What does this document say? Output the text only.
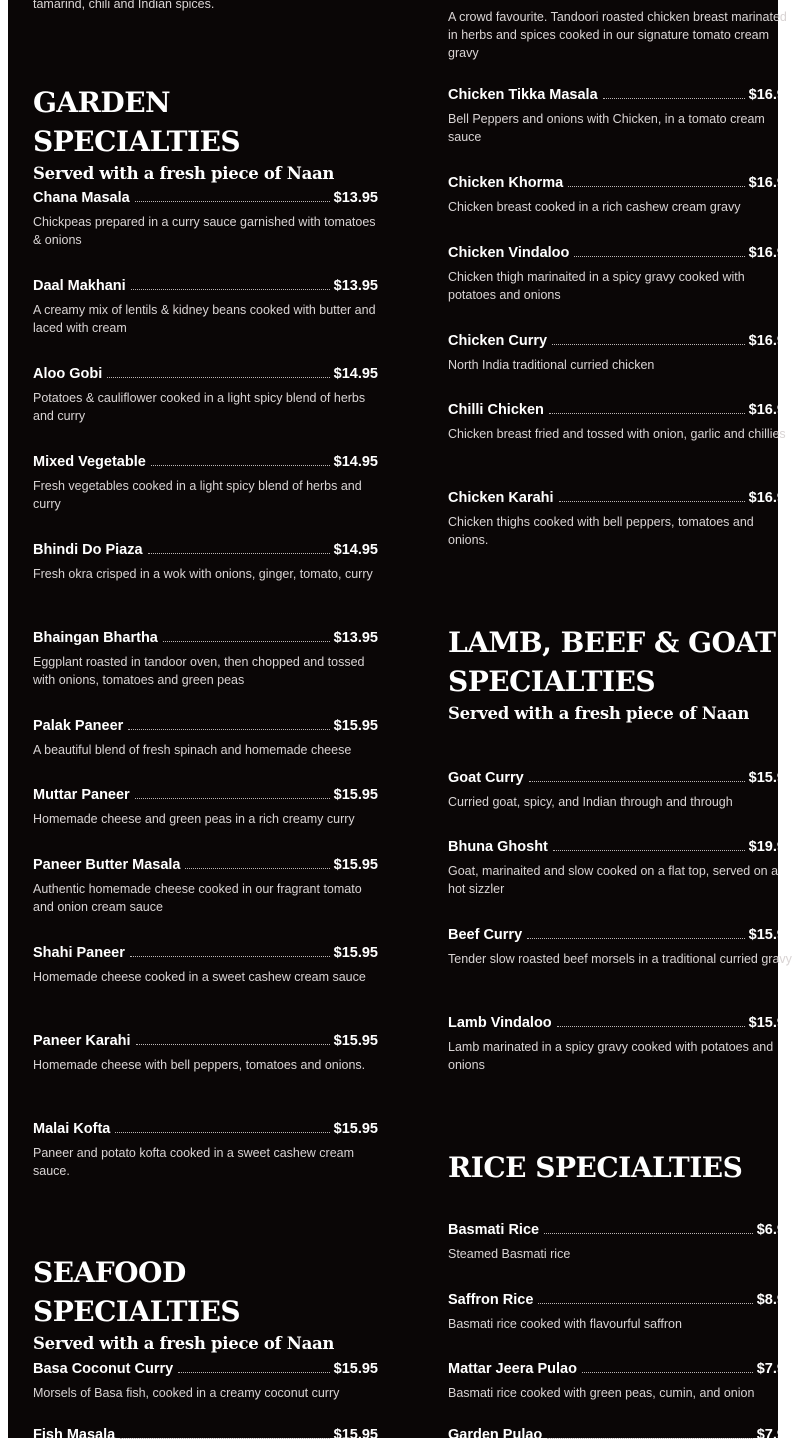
tamarind, chili and Indian spices.
GARDEN SPECIALTIES
Served with a fresh piece of Naan
Chana Masala	$13.95
Chickpeas prepared in a curry sauce garnished with tomatoes & onions
Daal Makhani	$13.95
A creamy mix of lentils & kidney beans cooked with butter and laced with cream
Aloo Gobi	$14.95
Potatoes & cauliflower cooked in a light spicy blend of herbs and curry
Mixed Vegetable	$14.95
Fresh vegetables cooked in a light spicy blend of herbs and curry
Bhindi Do Piaza	$14.95
Fresh okra crisped in a wok with onions, ginger, tomato, curry
Bhaingan Bhartha	$13.95
Eggplant roasted in tandoor oven, then chopped and tossed with onions, tomatoes and green peas
Palak Paneer	$15.95
A beautiful blend of fresh spinach and homemade cheese
Muttar Paneer	$15.95
Homemade cheese and green peas in a rich creamy curry
Paneer Butter Masala	$15.95
Authentic homemade cheese cooked in our fragrant tomato and onion cream sauce
Shahi Paneer	$15.95
Homemade cheese cooked in a sweet cashew cream sauce
Paneer Karahi	$15.95
Homemade cheese with bell peppers, tomatoes and onions.
Malai Kofta	$15.95
Paneer and potato kofta cooked in a sweet cashew cream sauce.
SEAFOOD SPECIALTIES
Served with a fresh piece of Naan
Basa Coconut Curry	$15.95
Morsels of Basa fish, cooked in a creamy coconut curry
Fish Masala	$15.95
A crowd favourite. Tandoori roasted chicken breast marinated in herbs and spices cooked in our signature tomato cream gravy
Chicken Tikka Masala	$16.95
Bell Peppers and onions with Chicken, in a tomato cream sauce
Chicken Khorma	$16.95
Chicken breast cooked in a rich cashew cream gravy
Chicken Vindaloo	$16.95
Chicken thigh marinaited in a spicy gravy cooked with potatoes and onions
Chicken Curry	$16.95
North India traditional curried chicken
Chilli Chicken	$16.95
Chicken breast fried and tossed with onion, garlic and chillies
Chicken Karahi	$16.95
Chicken thighs cooked with bell peppers, tomatoes and onions.
LAMB, BEEF & GOAT SPECIALTIES
Served with a fresh piece of Naan
Goat Curry	$15.95
Curried goat, spicy, and Indian through and through
Bhuna Ghosht	$19.95
Goat, marinaited and slow cooked on a flat top, served on a hot sizzler
Beef Curry	$15.95
Tender slow roasted beef morsels in a traditional curried gravy
Lamb Vindaloo	$15.95
Lamb marinated in a spicy gravy cooked with potatoes and onions
RICE SPECIALTIES
Basmati Rice	$6.95
Steamed Basmati rice
Saffron Rice	$8.95
Basmati rice cooked with flavourful saffron
Mattar Jeera Pulao	$7.95
Basmati rice cooked with green peas, cumin, and onion
Garden Pulao	$7.95
